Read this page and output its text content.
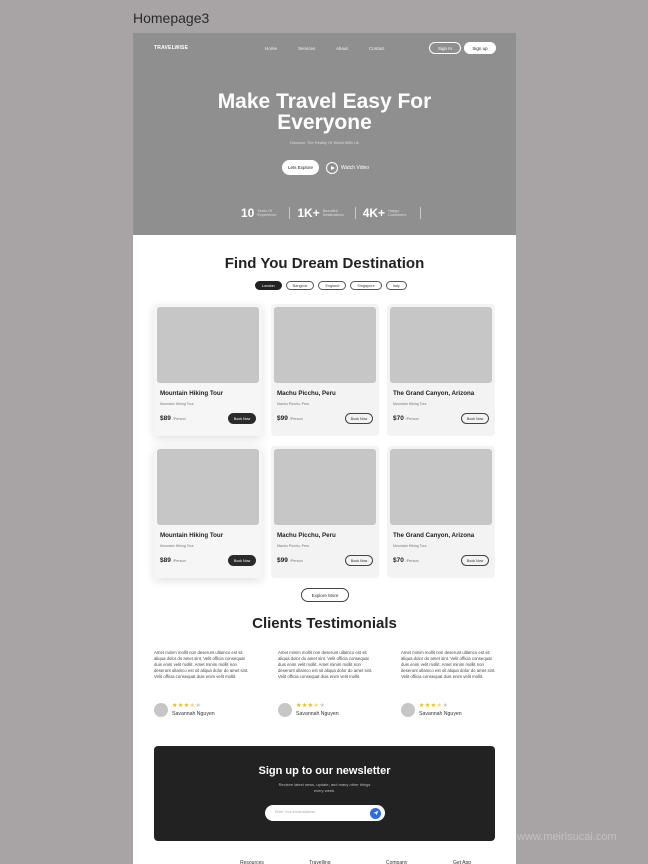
Homepage3
TRAVELWISE	Home	Services	About	Contact	Sign In	Sign up
Make Travel Easy For
Everyone
Discover The Reality Of World With Us
Lets Explore	Watch Video
10 Years Of Experience	1K+ Beautiful Destinations 4K+ Happy Customers
Find You Dream Destination
London	Bangkok	England	Singapore	Italy
Mountain Hiking Tour
Mountain Hiking Tour
$89 /Person	Book Now
Machu Picchu, Peru
Machu Picchu, Peru
$99 /Person	Book Now
The Grand Canyon, Arizona
Mountain Hiking Tour
$70 /Person	Book Now
Mountain Hiking Tour
Mountain Hiking Tour
$89 /Person	Book Now
Machu Picchu, Peru
Machu Picchu, Peru
$99 /Person	Book Now
The Grand Canyon, Arizona
Mountain Hiking Tour
$70 /Person	Book Now
Explore More
Clients Testimonials
Amet minim mollit non deserunt ullamco est sit aliqua dolor do amet sint. Velit officia consequat duis enim velit mollit. Amet minim mollit non deserunt ullamco est sit aliqua dolor do amet sint. Velit officia consequat duis enim velit mollit.
★★★★★
Savannah Nguyen
Amet minim mollit non deserunt ullamco est sit aliqua dolor do amet sint. Velit officia consequat duis enim velit mollit. Amet minim mollit non deserunt ullamco est sit aliqua dolor do amet sint. Velit officia consequat duis enim velit mollit.
★★★★★
Savannah Nguyen
Amet minim mollit non deserunt ullamco est sit aliqua dolor do amet sint. Velit officia consequat duis enim velit mollit. Amet minim mollit non deserunt ullamco est sit aliqua dolor do amet sint. Velit officia consequat duis enim velit mollit.
★★★★★
Savannah Nguyen
Sign up to our newsletter
Recieve latest news, update, and many other things
every week.
Enter Your email address
Resources	Travelling	Company	Get App
www.meirisucai.com
